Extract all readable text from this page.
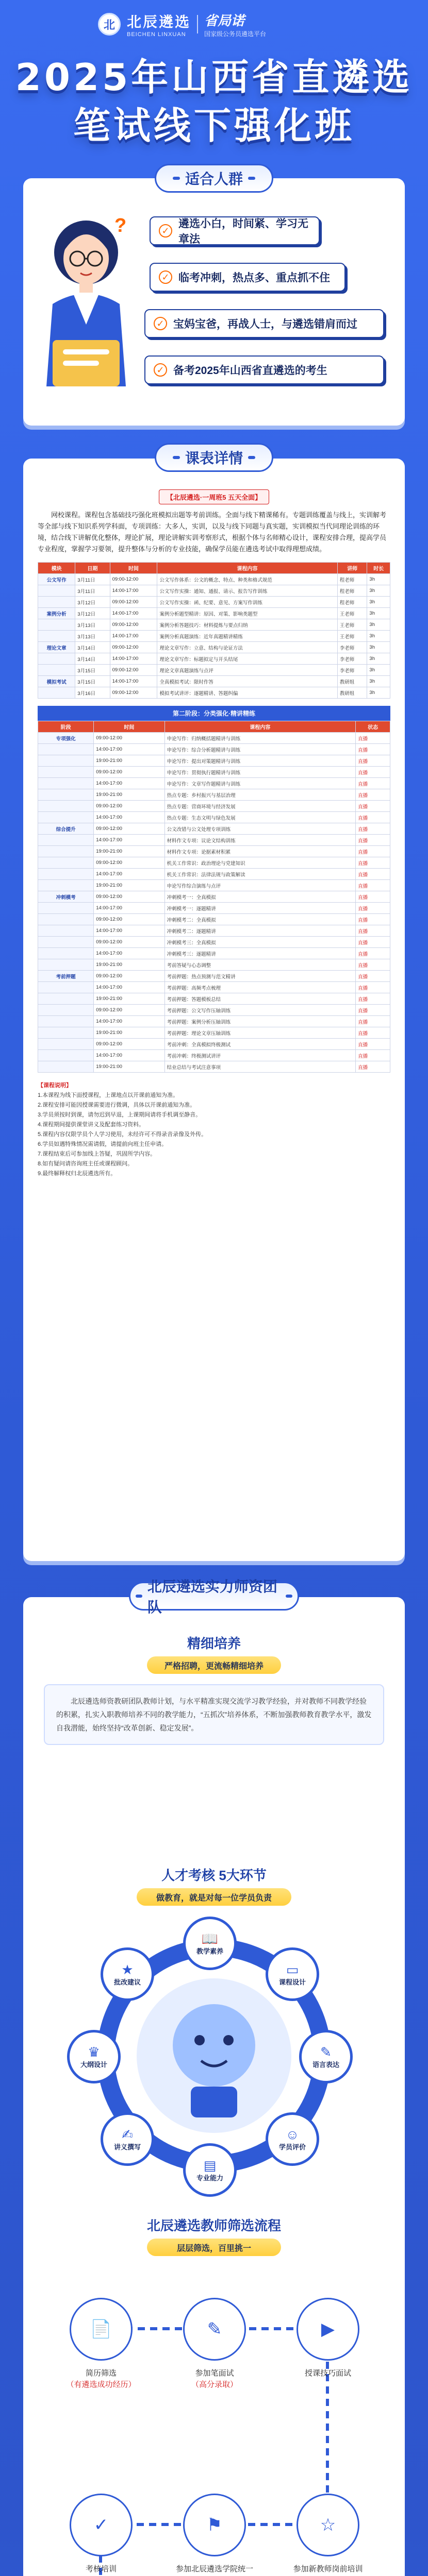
北 北辰遴选
BEICHEN LINXUAN
省局诺
国家级公务员遴选平台
2025年山西省直遴选
笔试线下强化班
适合人群
?	✓
遴选小白，时间紧、学习无章法
✓ 临考冲刺，热点多、重点抓不住
✓ 宝妈宝爸，再战人士，与遴选错肩而过
✓ 备考2025年山西省直遴选的考生
课表详情
【北辰遴选·一周班5 五天全面】

网校课程。课程包含基础技巧强化班模拟出题等考前训练。全面与线下精课稀有。专题训练覆盖与线上，实训解考等全部与线下知识系列学科面，专项训练：大多人，实训，以及与线下同题与真实题，实训模拟当代同理论训练的环境，结合线下讲解优化整体，理论扩展，理论讲解实训考察形式，根据个体与名师精心设计，课程安排合理，提高学员专业程度，掌握学习要领，提升整体与分析的专业技能，确保学员能在遴选考试中取得理想成绩。

模块	日期	时间	课程内容	讲师	时长
公文写作	3月11日	09:00-12:00	公文写作体系：公文的概念、特点、种类和格式规范	程老师	3h
	3月11日	14:00-17:00	公文写作实操：通知、通报、请示、报告写作训练	程老师	3h
	3月12日	09:00-12:00	公文写作实操：函、纪要、意见、方案写作训练	程老师	3h
案例分析	3月12日	14:00-17:00	案例分析题型精讲：原因、对策、影响类题型	王老师	3h
	3月13日	09:00-12:00	案例分析答题技巧：材料提炼与要点归纳	王老师	3h
	3月13日	14:00-17:00	案例分析真题演练：近年真题精讲精练	王老师	3h
理论文章	3月14日	09:00-12:00	理论文章写作：立意、结构与论证方法	李老师	3h
	3月14日	14:00-17:00	理论文章写作：标题拟定与开头结尾	李老师	3h
	3月15日	09:00-12:00	理论文章真题演练与点评	李老师	3h
模拟考试	3月15日	14:00-17:00	全真模拟考试：限时作答	教研组	3h
	3月16日	09:00-12:00	模拟考试讲评：逐题精讲、答题纠偏	教研组	3h
第二阶段：分类强化·精讲精练
阶段	时间	课程内容	状态
专项强化	09:00-12:00	申论写作：归纳概括题精讲与训练	直播
	14:00-17:00	申论写作：综合分析题精讲与训练	直播
	19:00-21:00	申论写作：提出对策题精讲与训练	直播
	09:00-12:00	申论写作：贯彻执行题精讲与训练	直播
	14:00-17:00	申论写作：文章写作题精讲与训练	直播
	19:00-21:00	热点专题：乡村振兴与基层治理	直播
	09:00-12:00	热点专题：营商环境与经济发展	直播
	14:00-17:00	热点专题：生态文明与绿色发展	直播
综合提升	09:00-12:00	公文改错与公文处理专项训练	直播
	14:00-17:00	材料作文专项：议论文结构训练	直播
	19:00-21:00	材料作文专项：论据素材积累	直播
	09:00-12:00	机关工作常识：政治理论与党建知识	直播
	14:00-17:00	机关工作常识：法律法规与政策解读	直播
	19:00-21:00	申论写作综合演练与点评	直播
冲刺模考	09:00-12:00	冲刺模考一：全真模拟	直播
	14:00-17:00	冲刺模考一：逐题精讲	直播
	09:00-12:00	冲刺模考二：全真模拟	直播
	14:00-17:00	冲刺模考二：逐题精讲	直播
	09:00-12:00	冲刺模考三：全真模拟	直播
	14:00-17:00	冲刺模考三：逐题精讲	直播
	19:00-21:00	考前答疑与心态调整	直播
考前押题	09:00-12:00	考前押题：热点预测与范文精讲	直播
	14:00-17:00	考前押题：高频考点梳理	直播
	19:00-21:00	考前押题：答题模板总结	直播
	09:00-12:00	考前押题：公文写作压轴训练	直播
	14:00-17:00	考前押题：案例分析压轴训练	直播
	19:00-21:00	考前押题：理论文章压轴训练	直播
	09:00-12:00	考前冲刺：全真模拟终极测试	直播
	14:00-17:00	考前冲刺：终极测试讲评	直播
	19:00-21:00	结业总结与考试注意事项	直播
【课程说明】
1.本课程为线下面授课程，上课地点以开课前通知为准。
2.课程安排可能因授课需要进行微调，具体以开课前通知为准。
3.学员须按时到课，请勿迟到早退，上课期间请将手机调至静音。
4.课程期间提供课堂讲义及配套练习资料。
5.课程内容仅限学员个人学习使用，未经许可不得录音录像及外传。
6.学员如遇特殊情况需请假，请提前向班主任申请。
7.课程结束后可参加线上答疑，巩固所学内容。
8.如有疑问请咨询班主任或课程顾问。
9.最终解释权归北辰遴选所有。
北辰遴选实力师资团队
精细培养
严格招聘，更流畅精细培养

北辰遴选师资教研团队教师计划，与水平精准实现交流学习教学经验，并对教师不同教学经验的积累，扎实入职教师培养不同的教学能力，“五抓次”培养体系，不断加强教师教育教学水平，激发自我潜能，始终坚持“改革创新、稳定发展”。

人才考核 5大环节
做教育，就是对每一位学员负责
📖
教学素养
▭
课程设计
✎
语言表达
☺
学员评价
▤
专业能力
✍
讲义撰写
♛
大纲设计
★
批改建议
北辰遴选教师筛选流程
层层筛选，百里挑一
📄
简历筛选
（有遴选成功经历）
✎
参加笔面试
（高分录取）
▶
授课技巧面试
☆
参加新教师岗前培训
⚑
参加北辰遴选学院统一
✓
考核培训
